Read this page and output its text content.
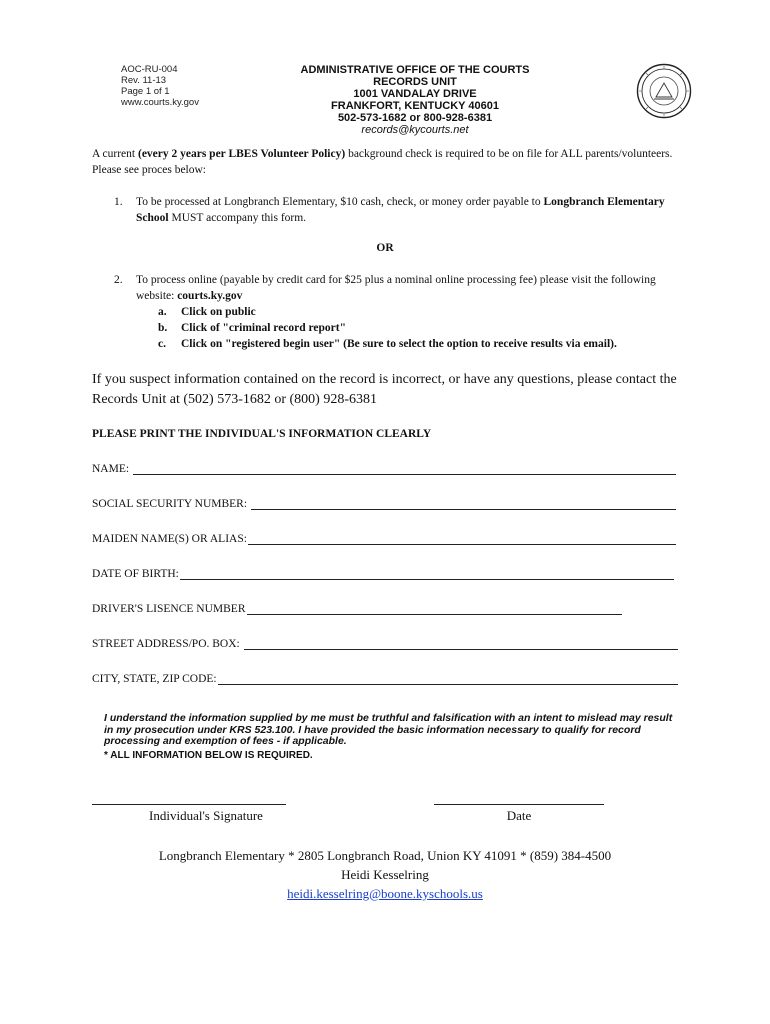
AOC-RU-004
Rev. 11-13
Page 1 of 1
www.courts.ky.gov
ADMINISTRATIVE OFFICE OF THE COURTS
RECORDS UNIT
1001 VANDALAY DRIVE
FRANKFORT, KENTUCKY 40601
502-573-1682 or 800-928-6381
records@kycourts.net
A current (every 2 years per LBES Volunteer Policy) background check is required to be on file for ALL parents/volunteers. Please see proces below:
1.	To be processed at Longbranch Elementary, $10 cash, check, or money order payable to Longbranch Elementary School MUST accompany this form.
OR
2.	To process online (payable by credit card for $25 plus a nominal online processing fee) please visit the following website: courts.ky.gov
a. Click on public
b. Click of "criminal record report"
c. Click on "registered begin user" (Be sure to select the option to receive results via email).
If you suspect information contained on the record is incorrect, or have any questions, please contact the Records Unit at (502) 573-1682 or (800) 928-6381
PLEASE PRINT THE INDIVIDUAL'S INFORMATION CLEARLY
NAME:
SOCIAL SECURITY NUMBER:
MAIDEN NAME(S) OR ALIAS:
DATE OF BIRTH:
DRIVER'S LISENCE NUMBER
STREET ADDRESS/PO. BOX:
CITY, STATE, ZIP CODE:
I understand the information supplied by me must be truthful and falsification with an intent to mislead may result in my prosecution under KRS 523.100. I have provided the basic information necessary to qualify for record processing and exemption of fees - if applicable.
* ALL INFORMATION BELOW IS REQUIRED.
Individual's Signature	Date
Longbranch Elementary * 2805 Longbranch Road, Union KY 41091 * (859) 384-4500
Heidi Kesselring
heidi.kesselring@boone.kyschools.us
